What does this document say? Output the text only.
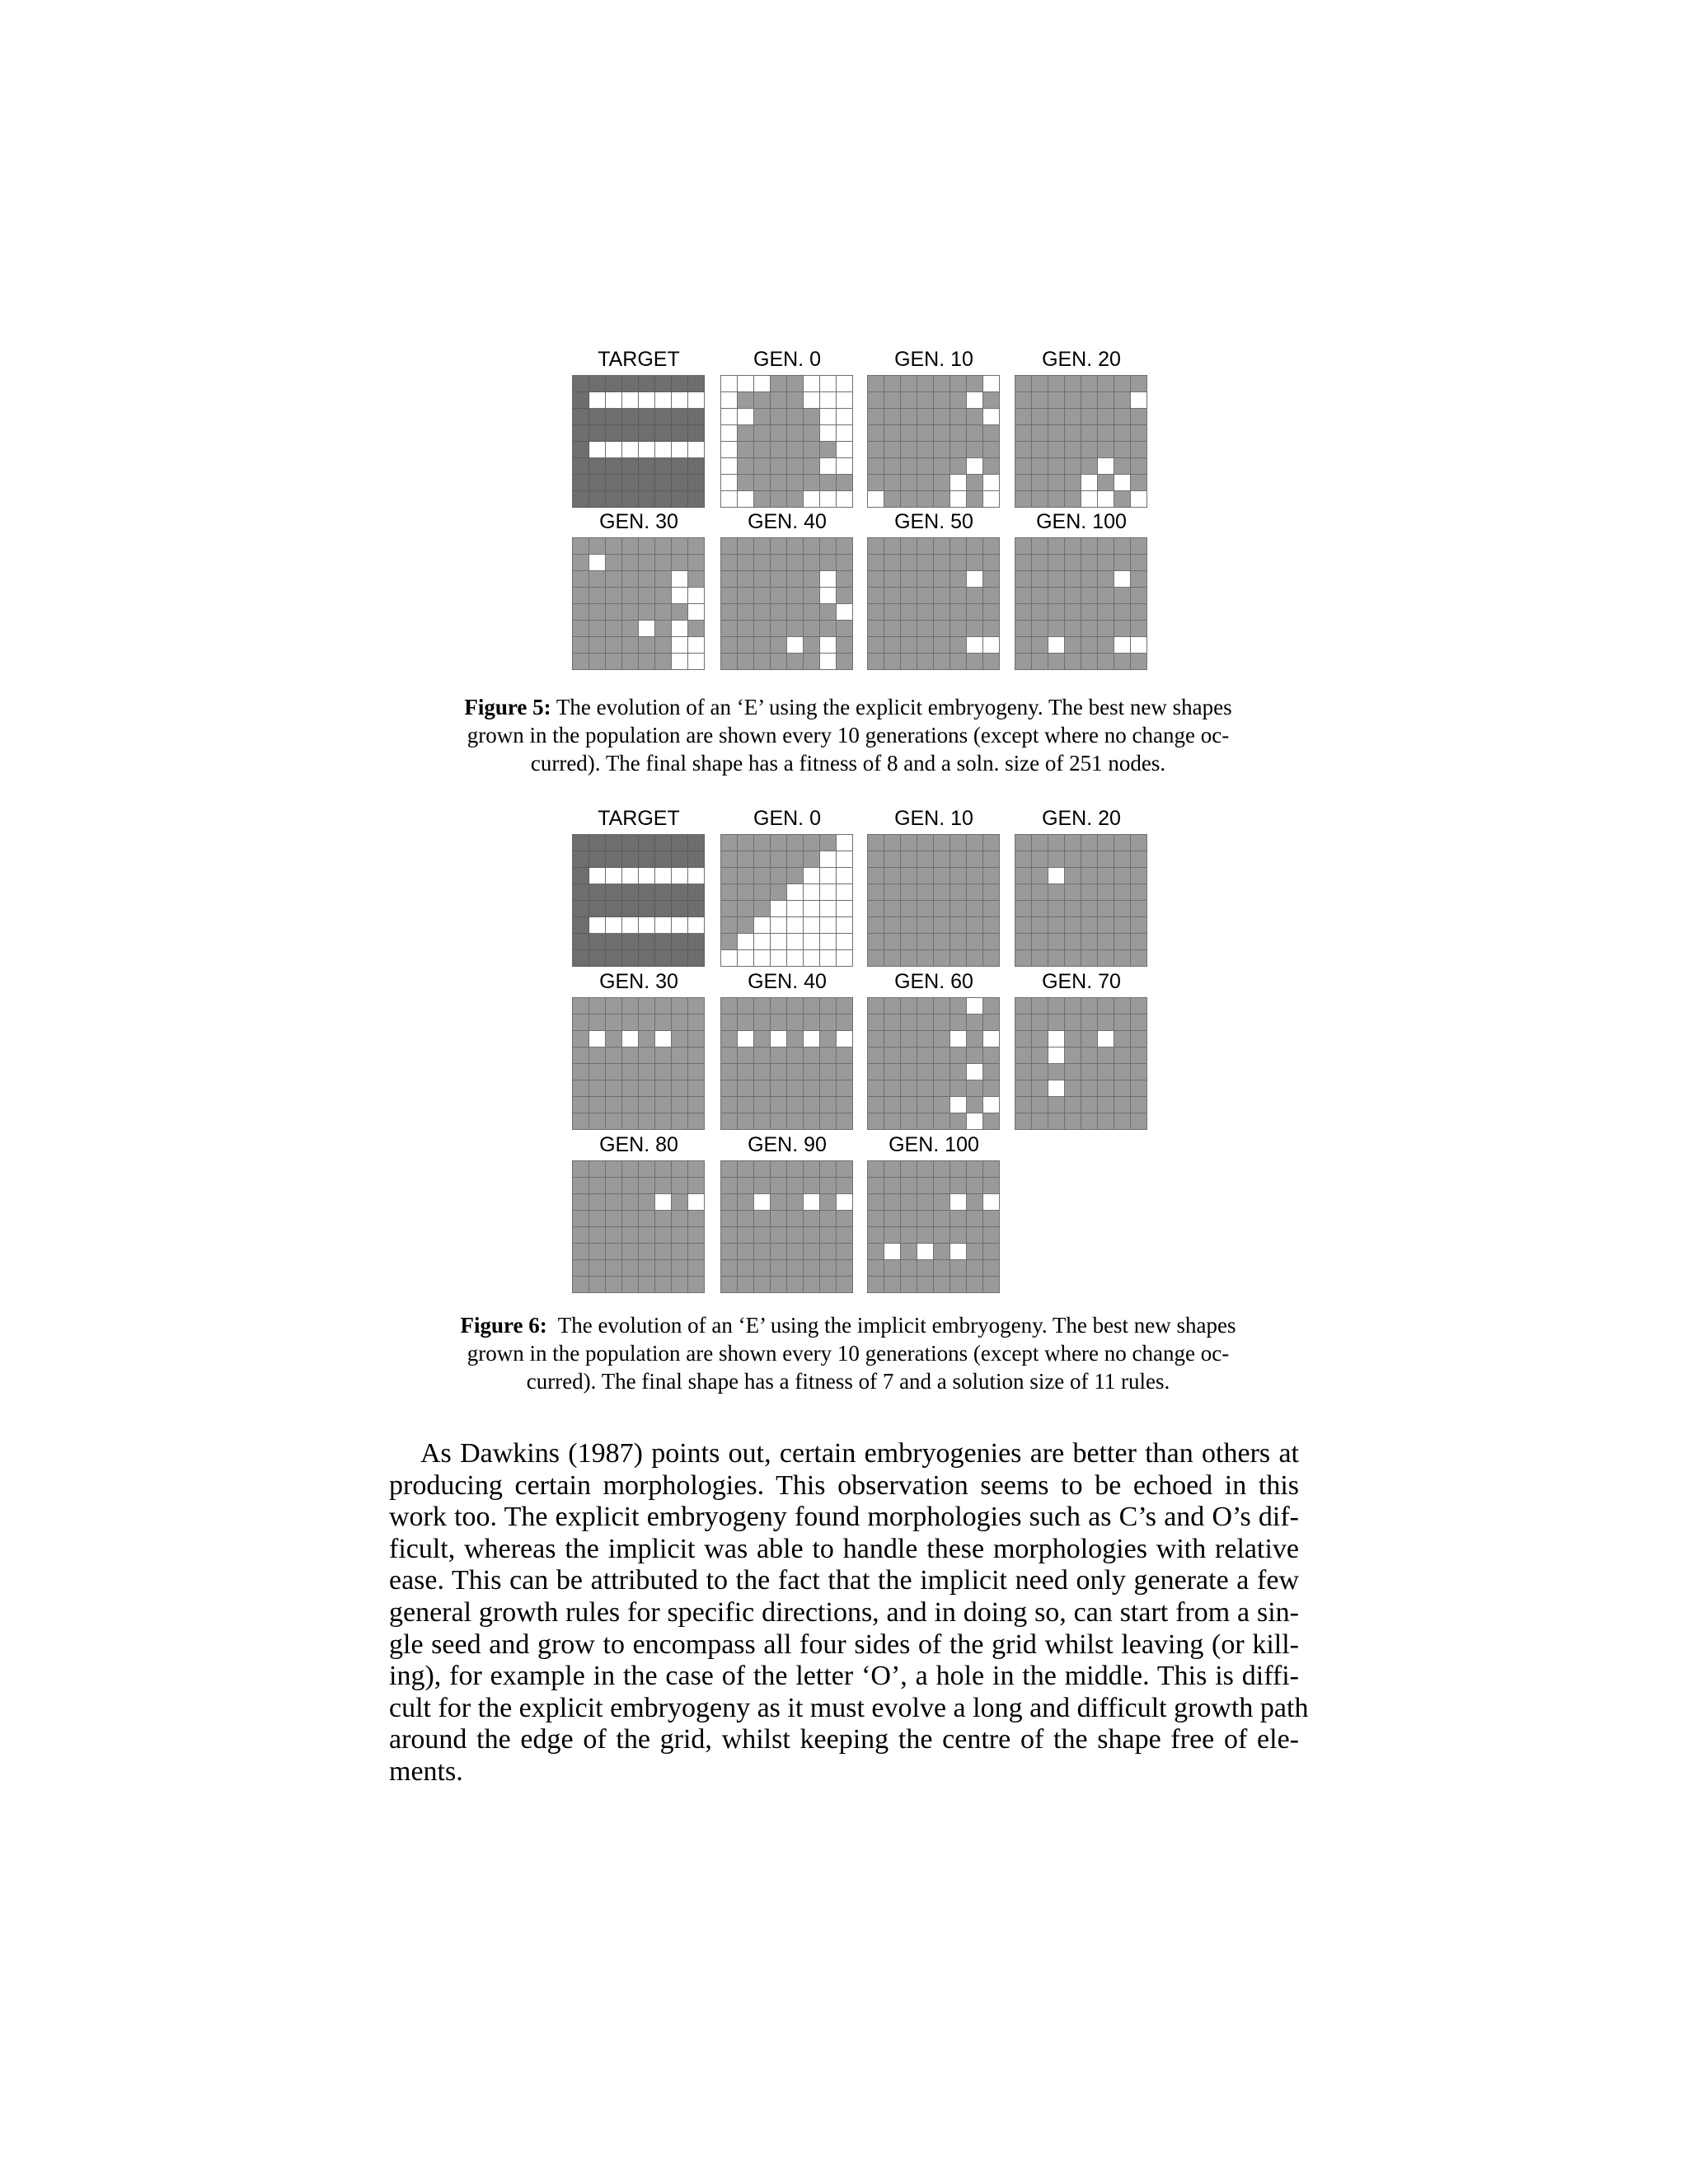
TARGET	GEN. 0	GEN. 10	GEN. 20
GEN. 30	GEN. 40	GEN. 50	GEN. 100
Figure 5: The evolution of an ‘E’ using the explicit embryogeny. The best new shapes
grown in the population are shown every 10 generations (except where no change oc-
curred). The final shape has a fitness of 8 and a soln. size of 251 nodes.
TARGET	GEN. 0	GEN. 10	GEN. 20
GEN. 30	GEN. 40	GEN. 60	GEN. 70
GEN. 80	GEN. 90	GEN. 100
Figure 6: The evolution of an ‘E’ using the implicit embryogeny. The best new shapes
grown in the population are shown every 10 generations (except where no change oc-
curred). The final shape has a fitness of 7 and a solution size of 11 rules.
As Dawkins (1987) points out, certain embryogenies are better than others at
producing certain morphologies. This observation seems to be echoed in this
work too. The explicit embryogeny found morphologies such as C’s and O’s dif-
ficult, whereas the implicit was able to handle these morphologies with relative
ease. This can be attributed to the fact that the implicit need only generate a few
general growth rules for specific directions, and in doing so, can start from a sin-
gle seed and grow to encompass all four sides of the grid whilst leaving (or kill-
ing), for example in the case of the letter ‘O’, a hole in the middle. This is diffi-
cult for the explicit embryogeny as it must evolve a long and difficult growth path
around the edge of the grid, whilst keeping the centre of the shape free of ele-
ments.
